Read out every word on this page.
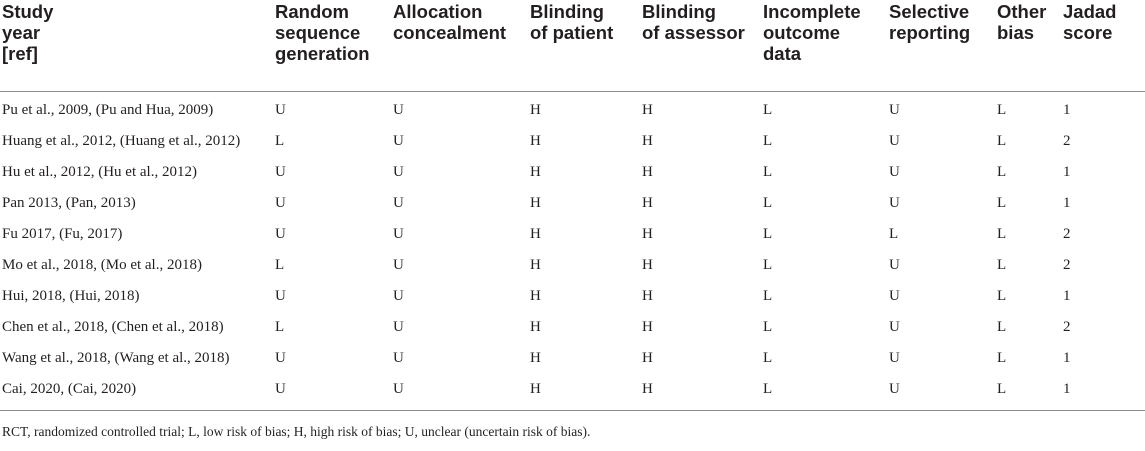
Study
year
[ref]	Random
sequence
generation	Allocation
concealment	Blinding
of patient	Blinding
of assessor	Incomplete
outcome
data	Selective
reporting	Other
bias	Jadad
score
Pu et al., 2009, (Pu and Hua, 2009)	U	U	H	H	L	U	L	1
Huang et al., 2012, (Huang et al., 2012)	L	U	H	H	L	U	L	2
Hu et al., 2012, (Hu et al., 2012)	U	U	H	H	L	U	L	1
Pan 2013, (Pan, 2013)	U	U	H	H	L	U	L	1
Fu 2017, (Fu, 2017)	U	U	H	H	L	L	L	2
Mo et al., 2018, (Mo et al., 2018)	L	U	H	H	L	U	L	2
Hui, 2018, (Hui, 2018)	U	U	H	H	L	U	L	1
Chen et al., 2018, (Chen et al., 2018)	L	U	H	H	L	U	L	2
Wang et al., 2018, (Wang et al., 2018)	U	U	H	H	L	U	L	1
Cai, 2020, (Cai, 2020)	U	U	H	H	L	U	L	1
RCT, randomized controlled trial; L, low risk of bias; H, high risk of bias; U, unclear (uncertain risk of bias).
